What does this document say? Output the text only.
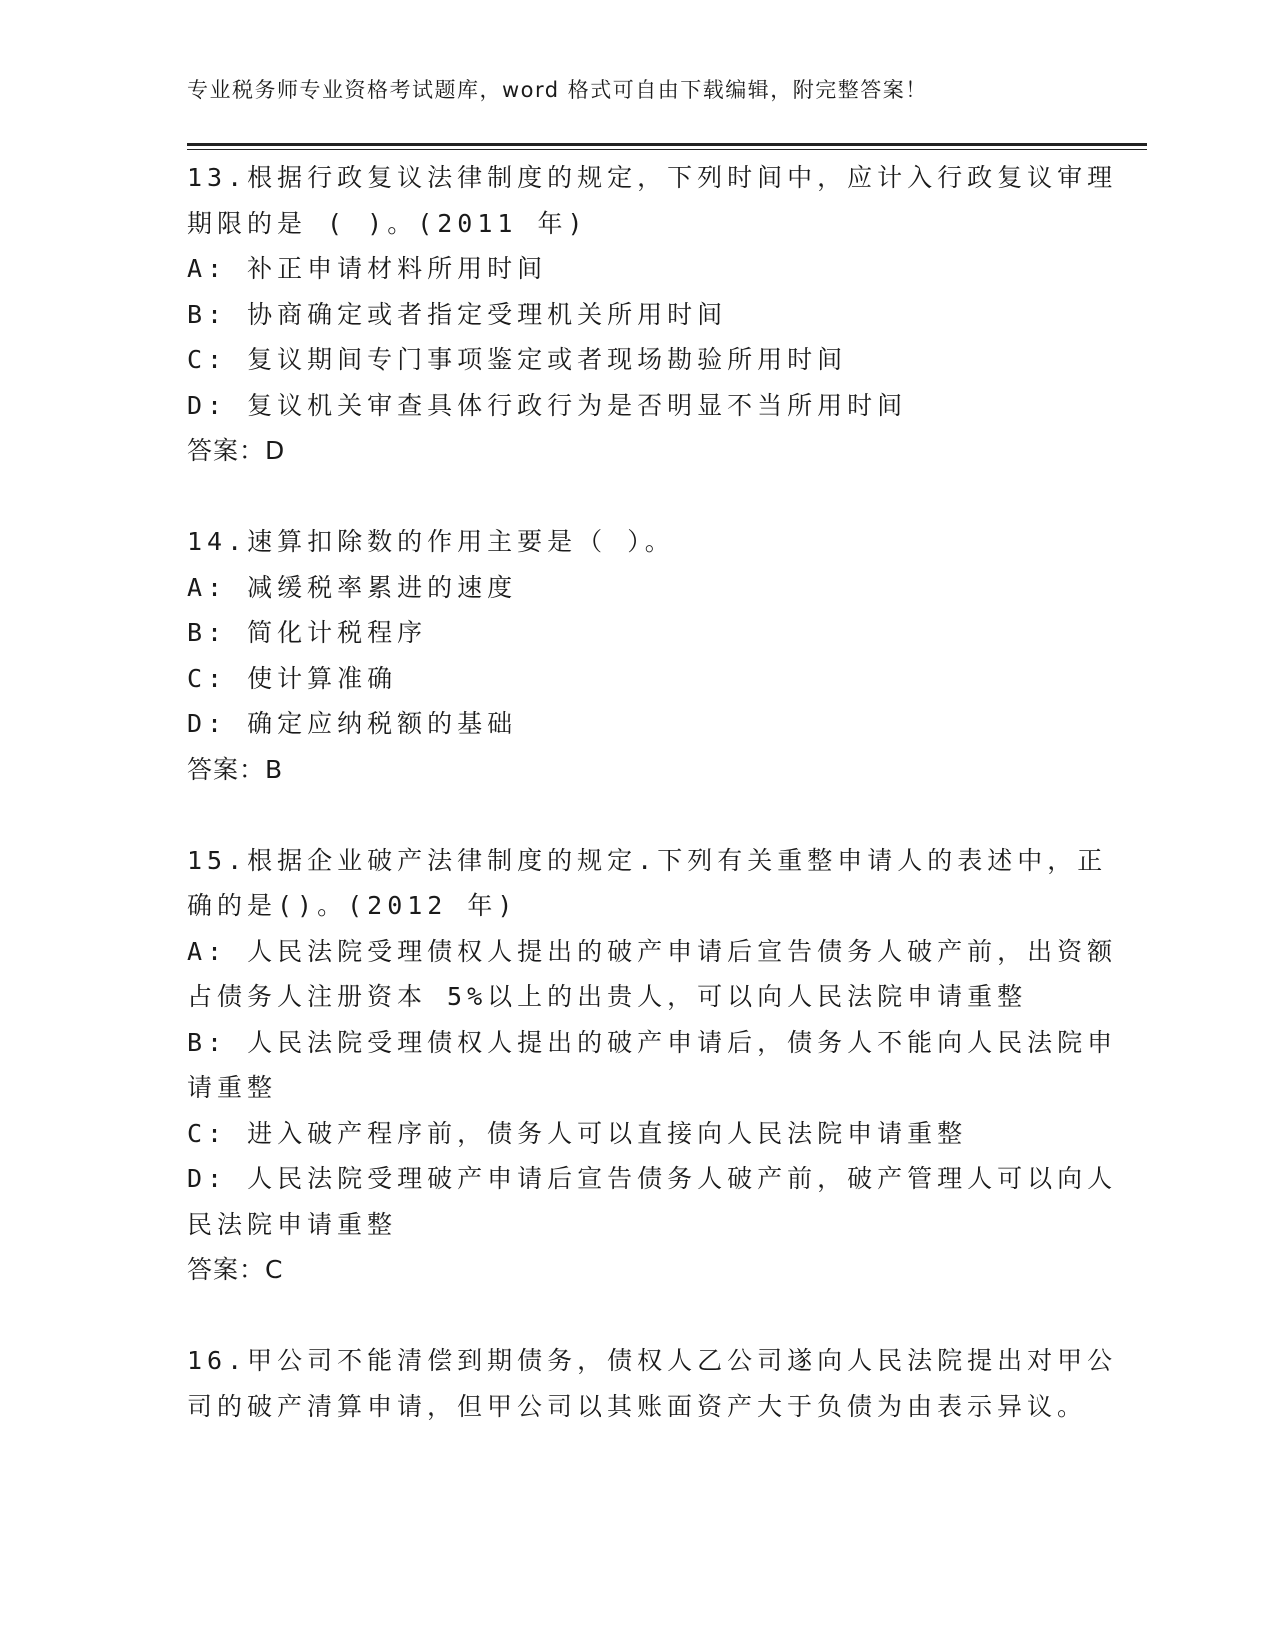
专业税务师专业资格考试题库，word 格式可自由下载编辑，附完整答案！
13.根据行政复议法律制度的规定，下列时间中，应计入行政复议审理
期限的是 ( )。(2011 年)
A: 补正申请材料所用时间
B: 协商确定或者指定受理机关所用时间
C: 复议期间专门事项鉴定或者现场勘验所用时间
D: 复议机关审查具体行政行为是否明显不当所用时间
答案：D
14.速算扣除数的作用主要是（ ）。
A: 减缓税率累进的速度
B: 简化计税程序
C: 使计算准确
D: 确定应纳税额的基础
答案：B
15.根据企业破产法律制度的规定.下列有关重整申请人的表述中，正
确的是()。(2012 年)
A: 人民法院受理债权人提出的破产申请后宣告债务人破产前，出资额
占债务人注册资本 5%以上的出贵人，可以向人民法院申请重整
B: 人民法院受理债权人提出的破产申请后，债务人不能向人民法院申
请重整
C: 进入破产程序前，债务人可以直接向人民法院申请重整
D: 人民法院受理破产申请后宣告债务人破产前，破产管理人可以向人
民法院申请重整
答案：C
16.甲公司不能清偿到期债务，债权人乙公司遂向人民法院提出对甲公
司的破产清算申请，但甲公司以其账面资产大于负债为由表示异议。
